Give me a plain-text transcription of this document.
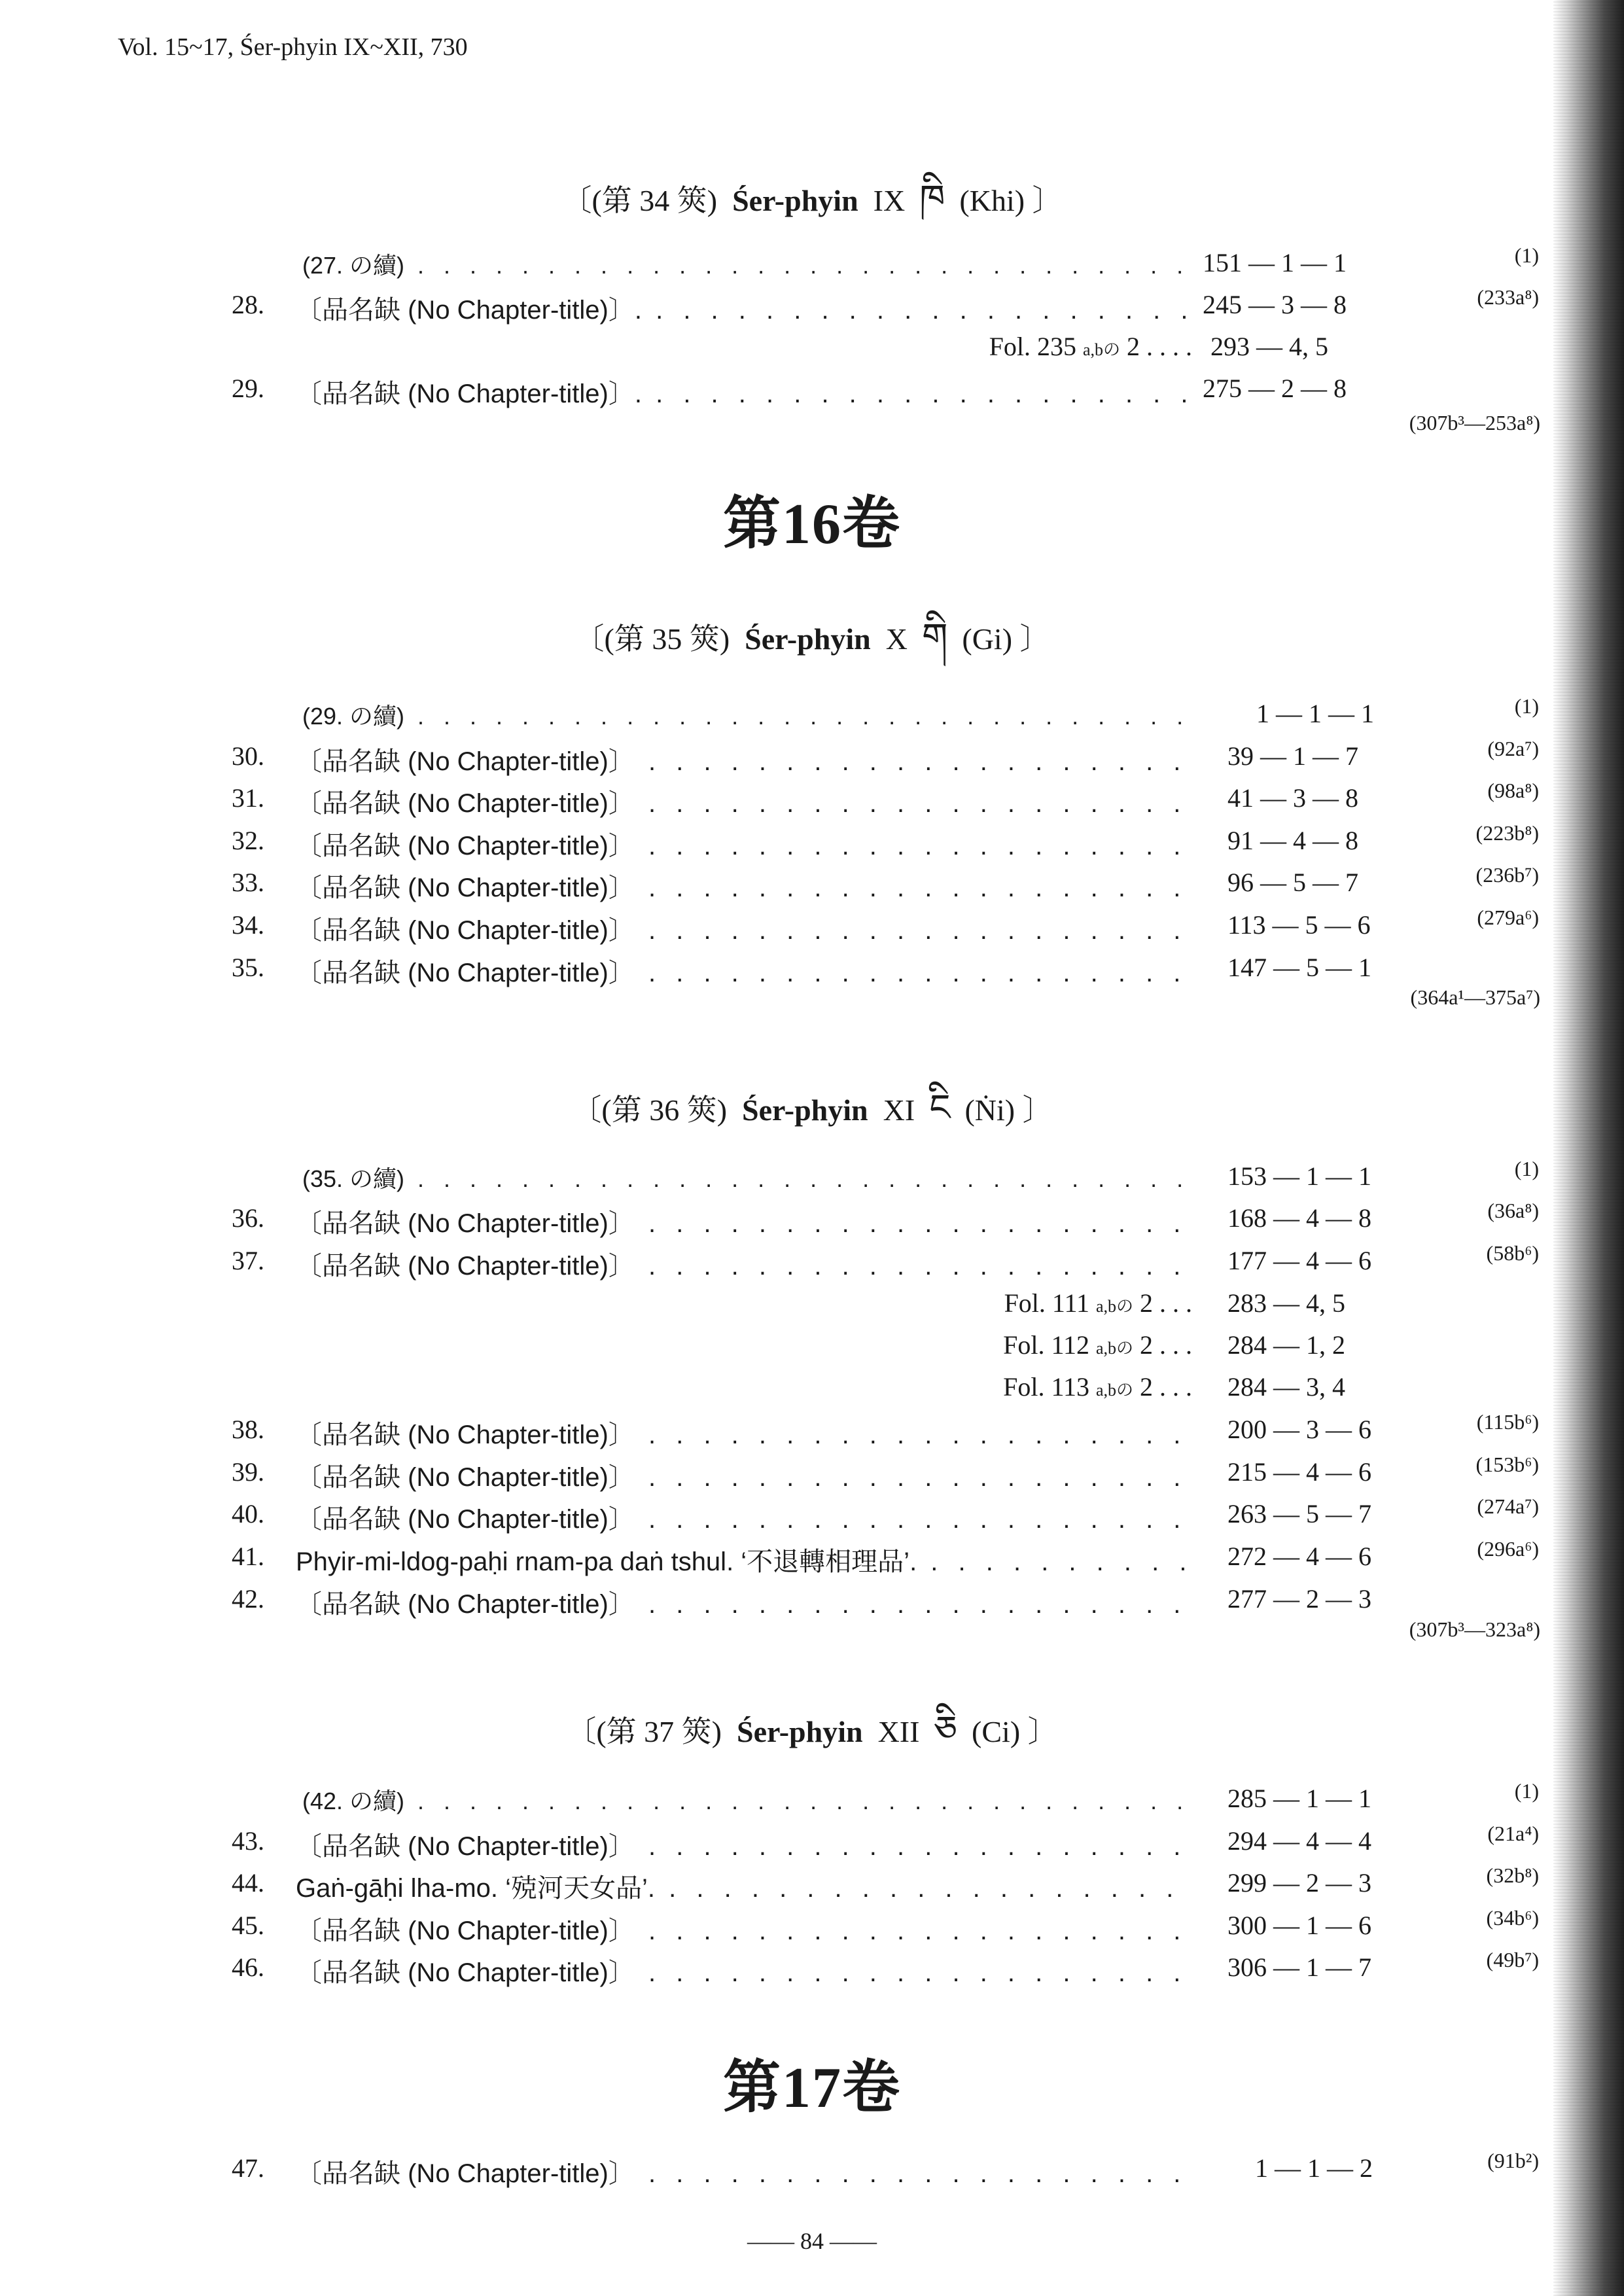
Vol. 15~17, Śer-phyin IX~XII, 730
〔(第 34 筴) Śer-phyin IX ཁི (Khi) 〕
(27. の續) . . .	151 — 1 — 1	(1)
28. 〔品名缺 (No Chapter-title)〕. . . .	245 — 3 — 8	(233a⁸)
Fol. 235 a,bの 2 . . . . 293 — 4, 5
29. 〔品名缺 (No Chapter-title)〕. . . .	275 — 2 — 8
(307b³—253a⁸)
第16卷
〔(第 35 筴) Śer-phyin X གི (Gi) 〕
(29. の續) . . .	1 — 1 — 1	(1)
30. 〔品名缺 (No Chapter-title)〕 . . .	39 — 1 — 7	(92a⁷)
31. 〔品名缺 (No Chapter-title)〕 . . .	41 — 3 — 8	(98a⁸)
32. 〔品名缺 (No Chapter-title)〕 . . .	91 — 4 — 8	(223b⁸)
33. 〔品名缺 (No Chapter-title)〕 . . .	96 — 5 — 7	(236b⁷)
34. 〔品名缺 (No Chapter-title)〕 . . .	113 — 5 — 6	(279a⁶)
35. 〔品名缺 (No Chapter-title)〕 . . .	147 — 5 — 1
(364a¹—375a⁷)
〔(第 36 筴) Śer-phyin XI ངི (Ṅi) 〕
(35. の續) . . .	153 — 1 — 1	(1)
36. 〔品名缺 (No Chapter-title)〕 . . .	168 — 4 — 8	(36a⁸)
37. 〔品名缺 (No Chapter-title)〕 . . .	177 — 4 — 6	(58b⁶)
Fol. 111 a,bの 2 . . . 283 — 4, 5
Fol. 112 a,bの 2 . . . 284 — 1, 2
Fol. 113 a,bの 2 . . . 284 — 3, 4
38. 〔品名缺 (No Chapter-title)〕 . . .	200 — 3 — 6	(115b⁶)
39. 〔品名缺 (No Chapter-title)〕 . . .	215 — 4 — 6	(153b⁶)
40. 〔品名缺 (No Chapter-title)〕 . . .	263 — 5 — 7	(274a⁷)
41. Phyir-mi-ldog-paḥi rnam-pa daṅ tshul. ‘不退轉相理品’. . . .	272 — 4 — 6	(296a⁶)
42. 〔品名缺 (No Chapter-title)〕 . . .	277 — 2 — 3
(307b³—323a⁸)
〔(第 37 筴) Śer-phyin XII ཅི (Ci) 〕
(42. の續) . . .	285 — 1 — 1	(1)
43. 〔品名缺 (No Chapter-title)〕 . . .	294 — 4 — 4	(21a⁴)
44. Gaṅ-gāḥi lha-mo. ‘殑河天女品’. . . .	299 — 2 — 3	(32b⁸)
45. 〔品名缺 (No Chapter-title)〕 . . .	300 — 1 — 6	(34b⁶)
46. 〔品名缺 (No Chapter-title)〕 . . .	306 — 1 — 7	(49b⁷)
第17卷
47. 〔品名缺 (No Chapter-title)〕 . . .	1 — 1 — 2	(91b²)
—— 84 ——
